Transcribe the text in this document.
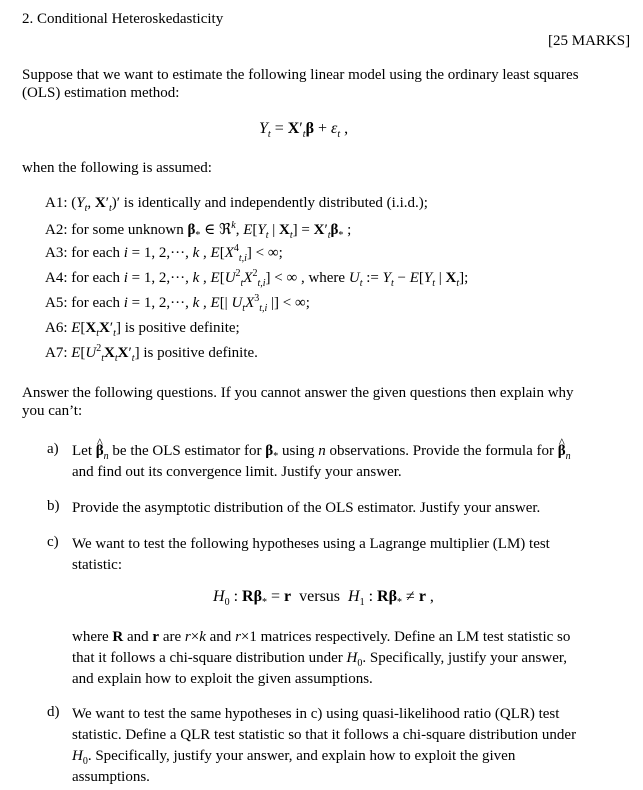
2. Conditional Heteroskedasticity
[25 MARKS]
Suppose that we want to estimate the following linear model using the ordinary least squares
(OLS) estimation method:
$Y_t = X'_t\beta + \varepsilon_t$ ,
when the following is assumed:
A1: ($Y_t$, $X'_t)'$ is identically and independently distributed (i.i.d.);
A2: for some unknown $\beta_*$ ∈ ℜ$^k$, $E[Y_t$ | $X_t] = X'_t\beta_*$ ;
A3: for each i = 1, 2,···, k , $E[X^4_{t,i}]$ < ∞;
A4: for each i = 1, 2,···, k , $E[U^2_tX^2_{t,i}]$ < ∞ , where $U_t$ := $Y_t - E[Y_t$ | $X_t$];
A5: for each i = 1, 2,···, k , E[| $U_tX^3_{t,i}$ |] < ∞;
A6: $E[X_tX'_t]$ is positive definite;
A7: $E[U^2_tX_tX'_t]$ is positive definite.
Answer the following questions. If you cannot answer the given questions then explain why
you can’t:
a) Let ^ $\beta_n$ be the OLS estimator for $\beta_*$ using n observations. Provide the formula for ^ $\beta_n$
and find out its convergence limit. Justify your answer.
b) Provide the asymptotic distribution of the OLS estimator. Justify your answer.
c) We want to test the following hypotheses using a Lagrange multiplier (LM) test
statistic:
$H_0$ : $R\beta_* = r$  versus  $H_1$ : $R\beta_* \ne r$ ,
where R and r are r×k and r×1 matrices respectively. Define an LM test statistic so
that it follows a chi-square distribution under $H_0$. Specifically, justify your answer,
and explain how to exploit the given assumptions.
d) We want to test the same hypotheses in c) using quasi-likelihood ratio (QLR) test
statistic. Define a QLR test statistic so that it follows a chi-square distribution under
$H_0$. Specifically, justify your answer, and explain how to exploit the given
assumptions.
